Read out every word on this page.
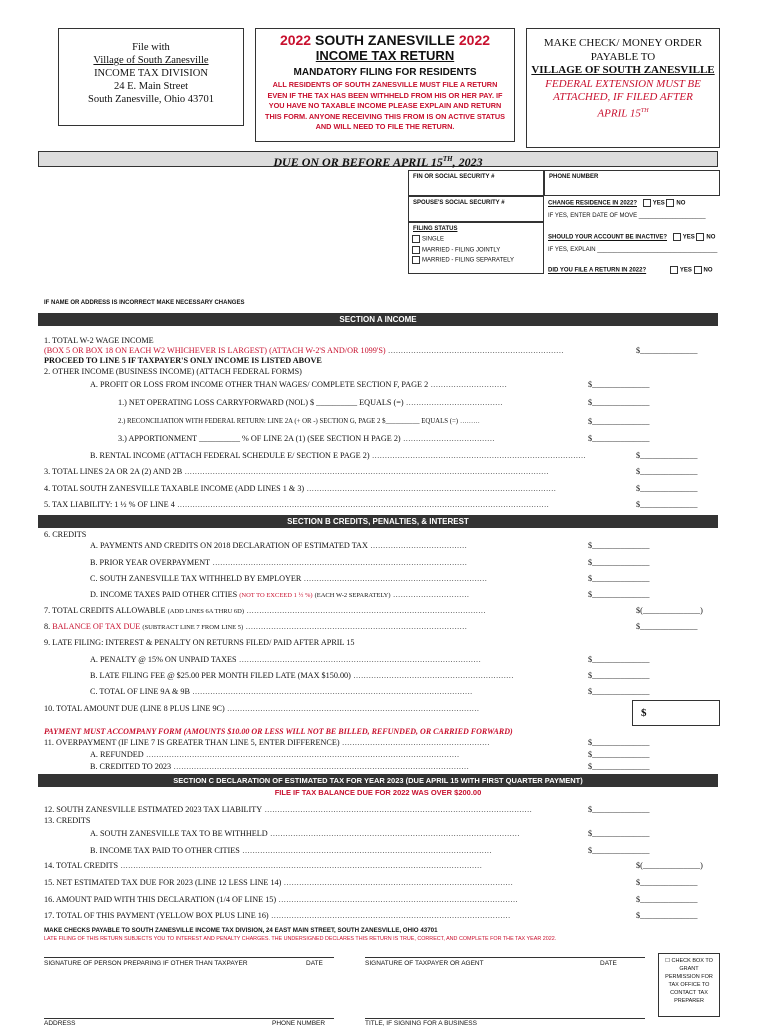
File with
Village of South Zanesville
INCOME TAX DIVISION
24 E. Main Street
South Zanesville, Ohio 43701
2022 SOUTH ZANESVILLE 2022
INCOME TAX RETURN
MANDATORY FILING FOR RESIDENTS
ALL RESIDENTS OF SOUTH ZANESVILLE MUST FILE A RETURN EVEN IF THE TAX HAS BEEN WITHHELD FROM HIS OR HER PAY. IF YOU HAVE NO TAXABLE INCOME PLEASE EXPLAIN AND RETURN THIS FORM. ANYONE RECEIVING THIS FROM IS ON ACTIVE STATUS AND WILL NEED TO FILE THE RETURN.
MAKE CHECK/ MONEY ORDER
PAYABLE TO
VILLAGE OF SOUTH ZANESVILLE
FEDERAL EXTENSION MUST BE
ATTACHED, IF FILED AFTER
APRIL 15TH
DUE ON OR BEFORE APRIL 15TH, 2023
FIN OR SOCIAL SECURITY #	PHONE NUMBER
SPOUSE'S SOCIAL SECURITY #	CHANGE RESIDENCE IN 2022?	YES NO
IF YES, ENTER DATE OF MOVE ____________________
FILING STATUS
SINGLE
MARRIED - FILING JOINTLY
MARRIED - FILING SEPARATELY
SHOULD YOUR ACCOUNT BE INACTIVE?	YES NO
IF YES, EXPLAIN ____________________________________
DID YOU FILE A RETURN IN 2022?	YES NO
IF NAME OR ADDRESS IS INCORRECT MAKE NECESSARY CHANGES
SECTION A INCOME
1. TOTAL W-2 WAGE INCOME
(BOX 5 OR BOX 18 ON EACH W2 WHICHEVER IS LARGEST) (ATTACH W-2'S AND/OR 1099'S) .....................................................................	$______________
PROCEED TO LINE 5 IF TAXPAYER'S ONLY INCOME IS LISTED ABOVE
2. OTHER INCOME (BUSINESS INCOME) (ATTACH FEDERAL FORMS)
A. PROFIT OR LOSS FROM INCOME OTHER THAN WAGES/ COMPLETE SECTION F, PAGE 2 ..............................	$______________
1.) NET OPERATING LOSS CARRYFORWARD (NOL) $ __________ EQUALS (=) ......................................	$______________
2.) RECONCILIATION WITH FEDERAL RETURN: LINE 2A (+ OR -) SECTION G, PAGE 2 $__________ EQUALS (=) .........	$______________
3.) APPORTIONMENT __________ % OF LINE 2A (1) (SEE SECTION H PAGE 2) ....................................	$______________
B. RENTAL INCOME (ATTACH FEDERAL SCHEDULE E/ SECTION E PAGE 2) ....................................................................................	$______________
3. TOTAL LINES 2A OR 2A (2) AND 2B ...............................................................................................................................................	$______________
4. TOTAL SOUTH ZANESVILLE TAXABLE INCOME (ADD LINES 1 & 3) ..................................................................................................	$______________
5. TAX LIABILITY: 1 ½ % OF LINE 4 ..................................................................................................................................................	$______________
SECTION B CREDITS, PENALTIES, & INTEREST
6. CREDITS
A. PAYMENTS AND CREDITS ON 2018 DECLARATION OF ESTIMATED TAX ......................................	$______________
B. PRIOR YEAR OVERPAYMENT ....................................................................................................	$______________
C. SOUTH ZANESVILLE TAX WITHHELD BY EMPLOYER ........................................................................	$______________
D. INCOME TAXES PAID OTHER CITIES (NOT TO EXCEED 1 ½ %) (EACH W-2 SEPARATELY) ..............................	$______________
7. TOTAL CREDITS ALLOWABLE (ADD LINES 6A THRU 6D) ..............................................................................................	$(______________)
8. BALANCE OF TAX DUE (SUBTRACT LINE 7 FROM LINE 5) .......................................................................................	$______________
9. LATE FILING: INTEREST & PENALTY ON RETURNS FILED/ PAID AFTER APRIL 15
A. PENALTY @ 15% ON UNPAID TAXES ...............................................................................................	$______________
B. LATE FILING FEE @ $25.00 PER MONTH FILED LATE (MAX $150.00) ...............................................................	$______________
C. TOTAL OF LINE 9A & 9B ..............................................................................................................	$______________
10. TOTAL AMOUNT DUE (LINE 8 PLUS LINE 9C) ...................................................................................................	$
PAYMENT MUST ACCOMPANY FORM (AMOUNTS $10.00 OR LESS WILL NOT BE BILLED, REFUNDED, OR CARRIED FORWARD)
11. OVERPAYMENT (IF LINE 7 IS GREATER THAN LINE 5, ENTER DIFFERENCE) ..........................................................	$______________
A. REFUNDED ...........................................................................................................................	$______________
B. CREDITED TO 2023 ....................................................................................................................	$______________
SECTION C DECLARATION OF ESTIMATED TAX FOR YEAR 2023 (DUE APRIL 15 WITH FIRST QUARTER PAYMENT)
FILE IF TAX BALANCE DUE FOR 2022 WAS OVER $200.00
12. SOUTH ZANESVILLE ESTIMATED 2023 TAX LIABILITY .........................................................................................................	$______________
13. CREDITS
A. SOUTH ZANESVILLE TAX TO BE WITHHELD ..................................................................................................	$______________
B. INCOME TAX PAID TO OTHER CITIES ..................................................................................................	$______________
14. TOTAL CREDITS ..............................................................................................................................................	$(______________)
15. NET ESTIMATED TAX DUE FOR 2023 (LINE 12 LESS LINE 14) ..........................................................................................	$______________
16. AMOUNT PAID WITH THIS DECLARATION (1/4 OF LINE 15) ..............................................................................................	$______________
17. TOTAL OF THIS PAYMENT (YELLOW BOX PLUS LINE 16) ..............................................................................................	$______________
MAKE CHECKS PAYABLE TO SOUTH ZANESVILLE INCOME TAX DIVISION, 24 EAST MAIN STREET, SOUTH ZANESVILLE, OHIO 43701
LATE FILING OF THIS RETURN SUBJECTS YOU TO INTEREST AND PENALTY CHARGES. THE UNDERSIGNED DECLARES THIS RETURN IS TRUE, CORRECT, AND COMPLETE FOR THE TAX YEAR 2022.
SIGNATURE OF PERSON PREPARING IF OTHER THAN TAXPAYER	DATE	SIGNATURE OF TAXPAYER OR AGENT	DATE
ADDRESS	PHONE NUMBER	TITLE, IF SIGNING FOR A BUSINESS
☐ CHECK BOX TO GRANT PERMISSION FOR TAX OFFICE TO CONTACT TAX PREPARER
